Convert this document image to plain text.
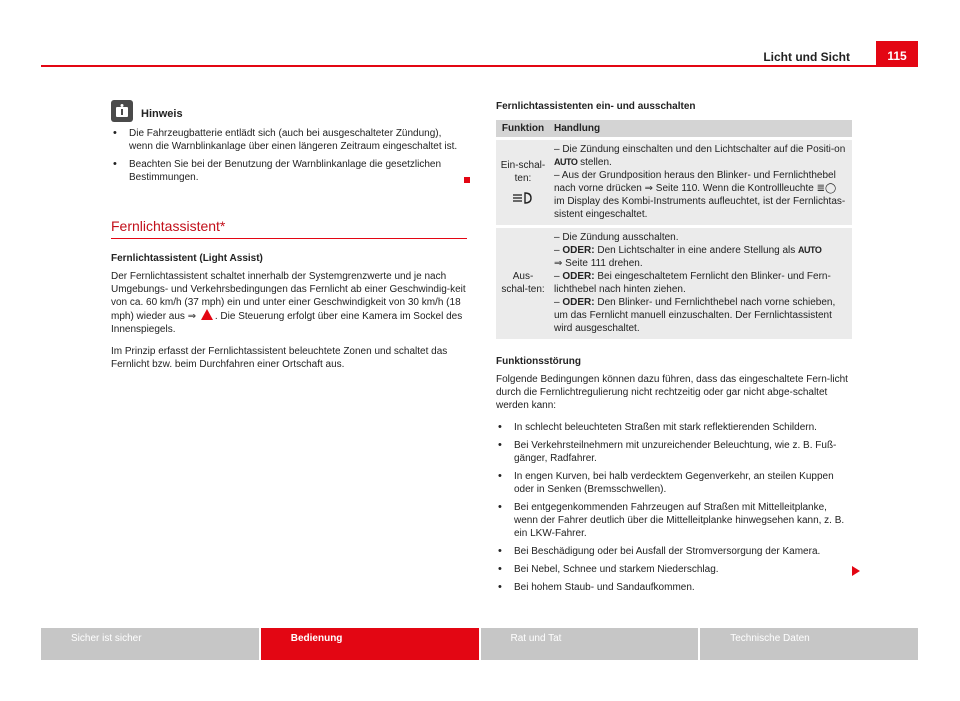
Licht und Sicht	115
Hinweis
• Die Fahrzeugbatterie entlädt sich (auch bei ausgeschalteter Zündung), wenn die Warnblinkanlage über einen längeren Zeitraum eingeschaltet ist.
• Beachten Sie bei der Benutzung der Warnblinkanlage die gesetzlichen Bestimmungen.
Fernlichtassistent*
Fernlichtassistent (Light Assist)

Der Fernlichtassistent schaltet innerhalb der Systemgrenzwerte und je nach Umgebungs- und Verkehrsbedingungen das Fernlicht ab einer Geschwindig-keit von ca. 60 km/h (37 mph) ein und unter einer Geschwindigkeit von 30 km/h (18 mph) wieder aus ⇒ . Die Steuerung erfolgt über eine Kamera im Sockel des Innenspiegels.

Im Prinzip erfasst der Fernlichtassistent beleuchtete Zonen und schaltet das Fernlicht bzw. beim Durchfahren einer Ortschaft aus.

Fernlichtassistenten ein- und ausschalten
Funktion	Handlung
Ein-schal-ten:	– Die Zündung einschalten und den Lichtschalter auf die Positi-on AUTO stellen.
– Aus der Grundposition heraus den Blinker- und Fernlichthebel nach vorne drücken ⇒ Seite 110. Wenn die Kontrollleuchte ≣◯ im Display des Kombi-Instruments aufleuchtet, ist der Fernlichtas-sistent eingeschaltet.
Aus-schal-ten:	– Die Zündung ausschalten.
– ODER: Den Lichtschalter in eine andere Stellung als AUTO
⇒ Seite 111 drehen.
– ODER: Bei eingeschaltetem Fernlicht den Blinker- und Fern-lichthebel nach hinten ziehen.
– ODER: Den Blinker- und Fernlichthebel nach vorne schieben, um das Fernlicht manuell einzuschalten. Der Fernlichtassistent wird ausgeschaltet.
Funktionsstörung

Folgende Bedingungen können dazu führen, dass das eingeschaltete Fern-licht durch die Fernlichtregulierung nicht rechtzeitig oder gar nicht abge-schaltet werden kann:

• In schlecht beleuchteten Straßen mit stark reflektierenden Schildern.
• Bei Verkehrsteilnehmern mit unzureichender Beleuchtung, wie z. B. Fuß-gänger, Radfahrer.
• In engen Kurven, bei halb verdecktem Gegenverkehr, an steilen Kuppen oder in Senken (Bremsschwellen).
• Bei entgegenkommenden Fahrzeugen auf Straßen mit Mittelleitplanke, wenn der Fahrer deutlich über die Mittelleitplanke hinwegsehen kann, z. B. ein LKW-Fahrer.
• Bei Beschädigung oder bei Ausfall der Stromversorgung der Kamera.
• Bei Nebel, Schnee und starkem Niederschlag.
• Bei hohem Staub- und Sandaufkommen.
Sicher ist sicher	Bedienung	Rat und Tat	Technische Daten
